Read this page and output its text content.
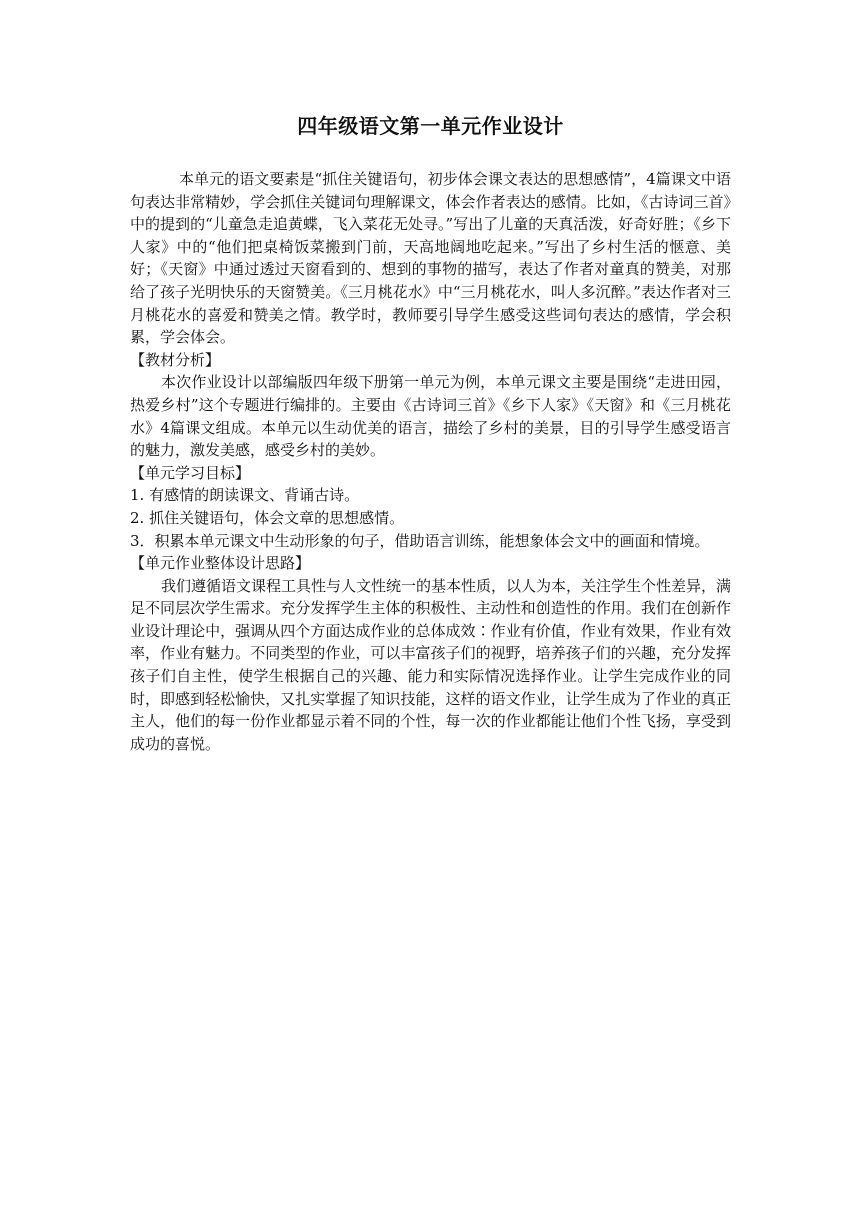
四年级语文第一单元作业设计

本单元的语文要素是“抓住关键语句，初步体会课文表达的思想感情”，4篇课文中语句表达非常精妙，学会抓住关键词句理解课文，体会作者表达的感情。比如，《古诗词三首》中的提到的“儿童急走追黄蝶，飞入菜花无处寻。”写出了儿童的天真活泼，好奇好胜；《乡下人家》中的“他们把桌椅饭菜搬到门前，天高地阔地吃起来。”写出了乡村生活的惬意、美好；《天窗》中通过透过天窗看到的、想到的事物的描写，表达了作者对童真的赞美，对那给了孩子光明快乐的天窗赞美。《三月桃花水》中“三月桃花水，叫人多沉醉。”表达作者对三月桃花水的喜爱和赞美之情。教学时，教师要引导学生感受这些词句表达的感情，学会积累，学会体会。

【教材分析】

本次作业设计以部编版四年级下册第一单元为例，本单元课文主要是围绕“走进田园，热爱乡村”这个专题进行编排的。主要由《古诗词三首》《乡下人家》《天窗》和《三月桃花水》4篇课文组成。本单元以生动优美的语言，描绘了乡村的美景，目的引导学生感受语言的魅力，激发美感，感受乡村的美妙。

【单元学习目标】

1. 有感情的朗读课文、背诵古诗。

2. 抓住关键语句，体会文章的思想感情。

3．积累本单元课文中生动形象的句子，借助语言训练，能想象体会文中的画面和情境。

【单元作业整体设计思路】

我们遵循语文课程工具性与人文性统一的基本性质，以人为本，关注学生个性差异，满足不同层次学生需求。充分发挥学生主体的积极性、主动性和创造性的作用。我们在创新作业设计理论中，强调从四个方面达成作业的总体成效∶作业有价值，作业有效果，作业有效率，作业有魅力。不同类型的作业，可以丰富孩子们的视野，培养孩子们的兴趣，充分发挥孩子们自主性，使学生根据自己的兴趣、能力和实际情况选择作业。让学生完成作业的同时，即感到轻松愉快，又扎实掌握了知识技能，这样的语文作业，让学生成为了作业的真正主人，他们的每一份作业都显示着不同的个性，每一次的作业都能让他们个性飞扬，享受到成功的喜悦。
